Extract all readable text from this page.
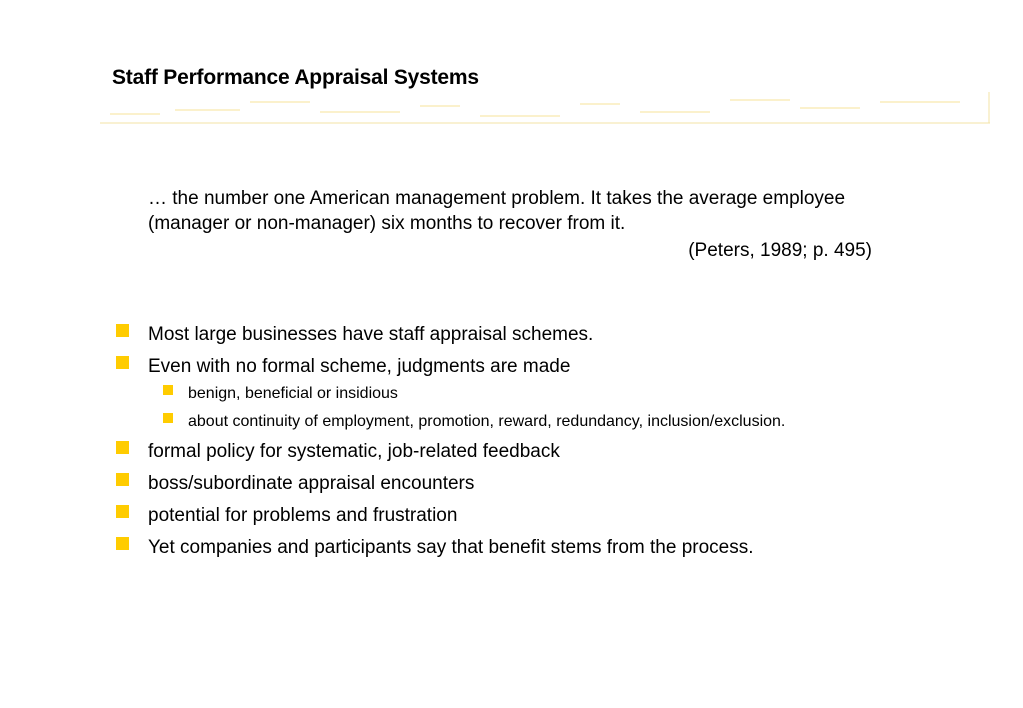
Staff Performance Appraisal Systems
… the number one American management problem. It takes the average employee (manager or non-manager) six months to recover from it.
(Peters, 1989; p. 495)
Most large businesses have staff appraisal schemes.
Even with no formal scheme, judgments are made
benign, beneficial or insidious
about continuity of employment, promotion, reward, redundancy, inclusion/exclusion.
formal policy for systematic, job-related feedback
boss/subordinate appraisal encounters
potential for problems and frustration
Yet companies and participants say that benefit stems from the process.
